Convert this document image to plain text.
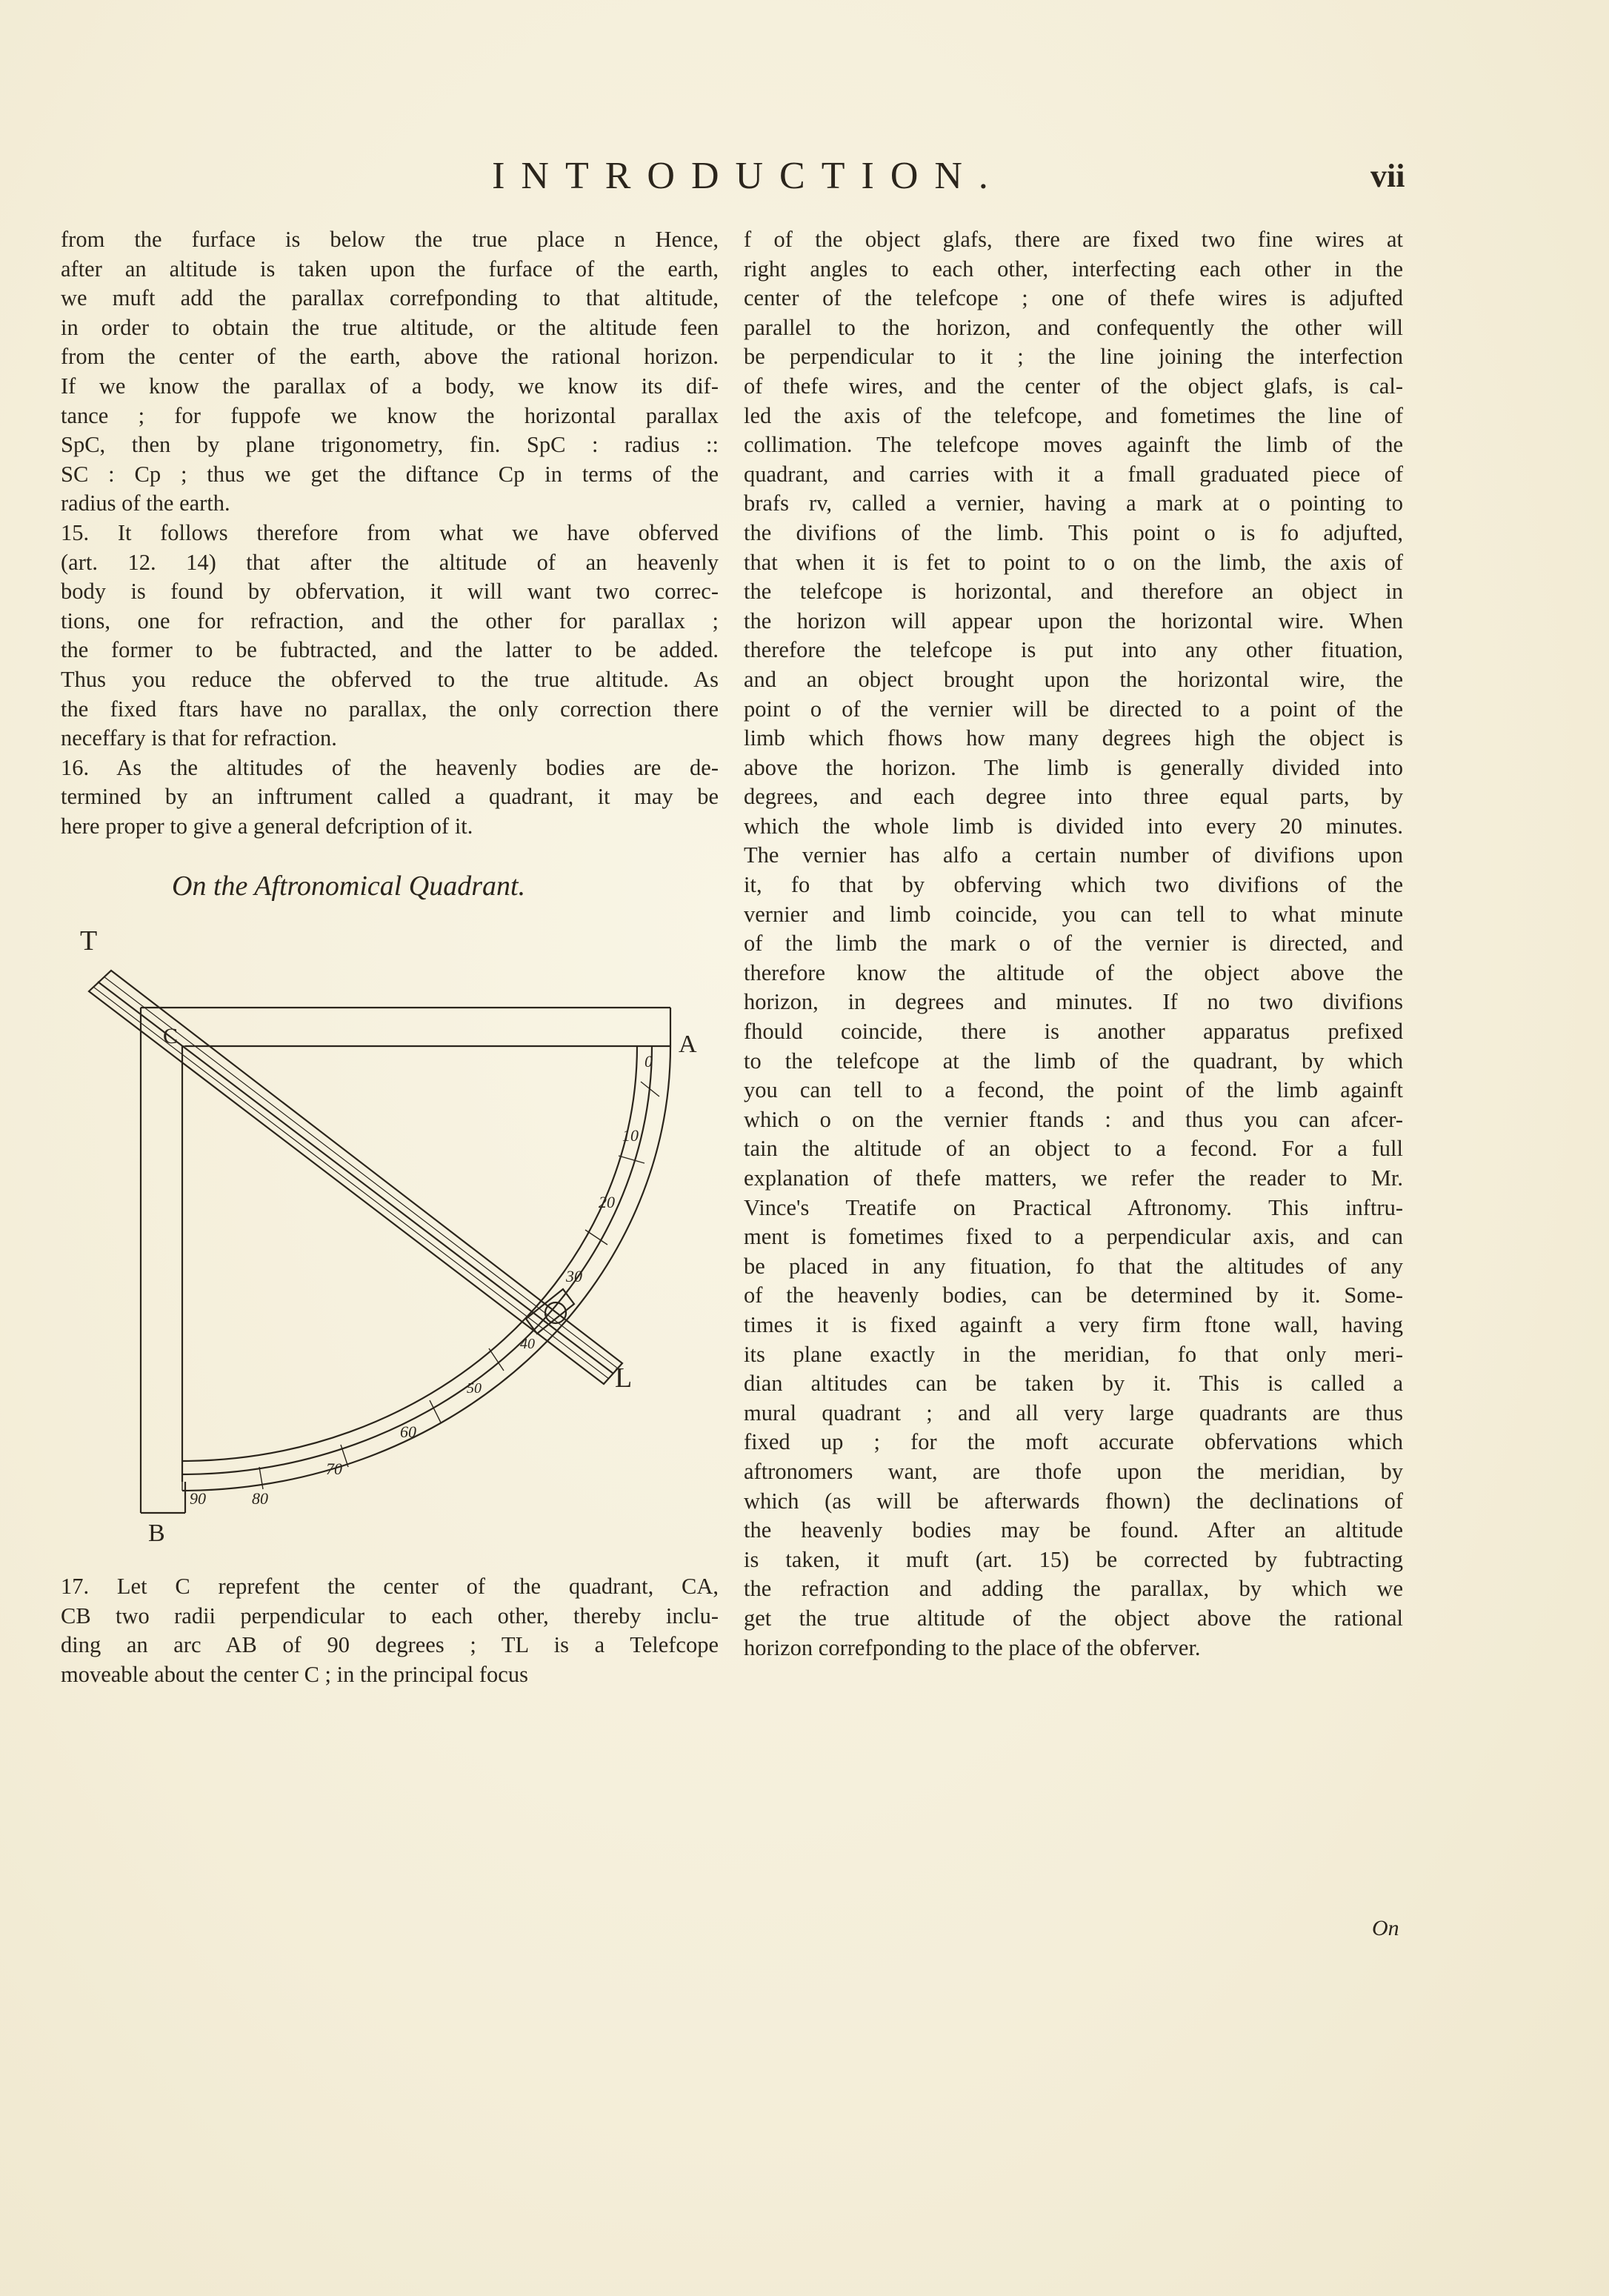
INTRODUCTION.	vii
from the furface is below the true place n Hence,
after an altitude is taken upon the furface of the earth,
we muft add the parallax correfponding to that altitude,
in order to obtain the true altitude, or the altitude feen
from the center of the earth, above the rational horizon.
If we know the parallax of a body, we know its dif-
tance ; for fuppofe we know the horizontal parallax
SpC, then by plane trigonometry, fin. SpC : radius ::
SC : Cp ; thus we get the diftance Cp in terms of the
radius of the earth.
15. It follows therefore from what we have obferved
(art. 12. 14) that after the altitude of an heavenly
body is found by obfervation, it will want two correc-
tions, one for refraction, and the other for parallax ;
the former to be fubtracted, and the latter to be added.
Thus you reduce the obferved to the true altitude. As
the fixed ftars have no parallax, the only correction there
neceffary is that for refraction.
16. As the altitudes of the heavenly bodies are de-
termined by an inftrument called a quadrant, it may be
here proper to give a general defcription of it.
On the Aftronomical Quadrant.
T
A
B
C
L
0
10
20
30
40
50
60
70
90	80
17. Let C reprefent the center of the quadrant, CA,
CB two radii perpendicular to each other, thereby inclu-
ding an arc AB of 90 degrees ; TL is a Telefcope
moveable about the center C ; in the principal focus
f of the object glafs, there are fixed two fine wires at
right angles to each other, interfecting each other in the
center of the telefcope ; one of thefe wires is adjufted
parallel to the horizon, and confequently the other will
be perpendicular to it ; the line joining the interfection
of thefe wires, and the center of the object glafs, is cal-
led the axis of the telefcope, and fometimes the line of
collimation. The telefcope moves againft the limb of the
quadrant, and carries with it a fmall graduated piece of
brafs rv, called a vernier, having a mark at o pointing to
the divifions of the limb. This point o is fo adjufted,
that when it is fet to point to o on the limb, the axis of
the telefcope is horizontal, and therefore an object in
the horizon will appear upon the horizontal wire. When
therefore the telefcope is put into any other fituation,
and an object brought upon the horizontal wire, the
point o of the vernier will be directed to a point of the
limb which fhows how many degrees high the object is
above the horizon. The limb is generally divided into
degrees, and each degree into three equal parts, by
which the whole limb is divided into every 20 minutes.
The vernier has alfo a certain number of divifions upon
it, fo that by obferving which two divifions of the
vernier and limb coincide, you can tell to what minute
of the limb the mark o of the vernier is directed, and
therefore know the altitude of the object above the
horizon, in degrees and minutes. If no two divifions
fhould coincide, there is another apparatus prefixed
to the telefcope at the limb of the quadrant, by which
you can tell to a fecond, the point of the limb againft
which o on the vernier ftands : and thus you can afcer-
tain the altitude of an object to a fecond. For a full
explanation of thefe matters, we refer the reader to Mr.
Vince's Treatife on Practical Aftronomy. This inftru-
ment is fometimes fixed to a perpendicular axis, and can
be placed in any fituation, fo that the altitudes of any
of the heavenly bodies, can be determined by it. Some-
times it is fixed againft a very firm ftone wall, having
its plane exactly in the meridian, fo that only meri-
dian altitudes can be taken by it. This is called a
mural quadrant ; and all very large quadrants are thus
fixed up ; for the moft accurate obfervations which
aftronomers want, are thofe upon the meridian, by
which (as will be afterwards fhown) the declinations of
the heavenly bodies may be found. After an altitude
is taken, it muft (art. 15) be corrected by fubtracting
the refraction and adding the parallax, by which we
get the true altitude of the object above the rational
horizon correfponding to the place of the obferver.
On
